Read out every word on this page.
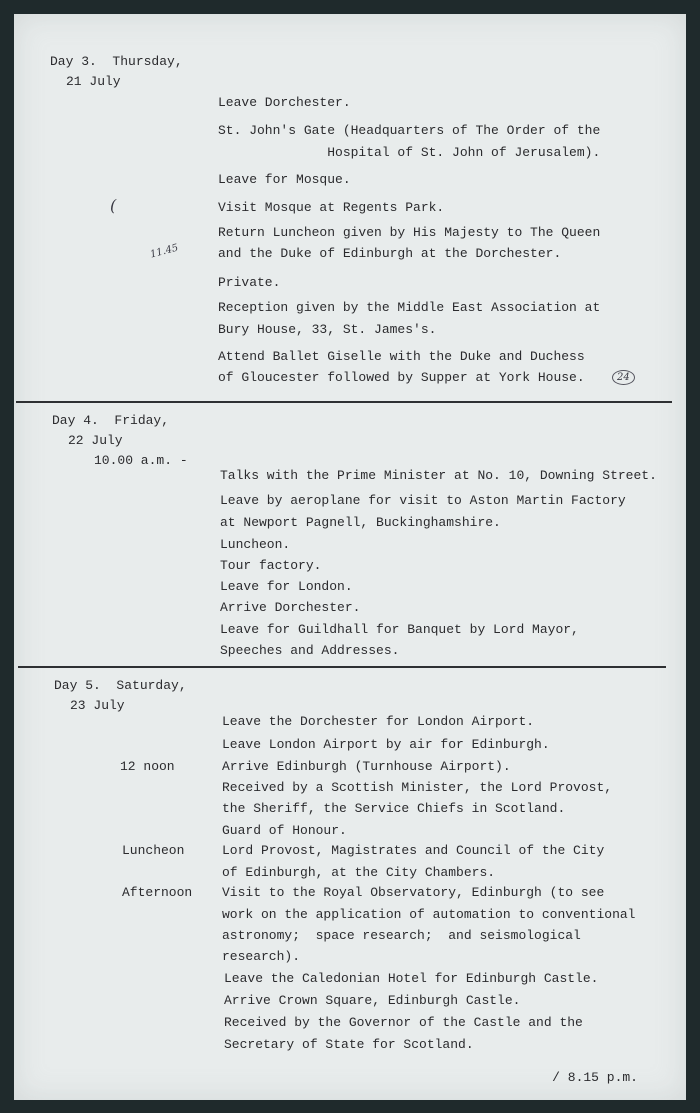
Day 3.  Thursday,
21 July
Leave Dorchester.
St. John's Gate (Headquarters of The Order of the
Hospital of St. John of Jerusalem).
Leave for Mosque.
Visit Mosque at Regents Park.
(
Return Luncheon given by His Majesty to The Queen
and the Duke of Edinburgh at the Dorchester.
11.45
Private.
Reception given by the Middle East Association at
Bury House, 33, St. James's.
Attend Ballet Giselle with the Duke and Duchess
of Gloucester followed by Supper at York House.	24
Day 4.  Friday,
22 July
10.00 a.m. -
Talks with the Prime Minister at No. 10, Downing Street.
Leave by aeroplane for visit to Aston Martin Factory
at Newport Pagnell, Buckinghamshire.
Luncheon.
Tour factory.
Leave for London.
Arrive Dorchester.
Leave for Guildhall for Banquet by Lord Mayor,
Speeches and Addresses.
Day 5.  Saturday,
23 July
Leave the Dorchester for London Airport.
Leave London Airport by air for Edinburgh.
12 noon	Arrive Edinburgh (Turnhouse Airport).
Received by a Scottish Minister, the Lord Provost,
the Sheriff, the Service Chiefs in Scotland.
Guard of Honour.
Luncheon	Lord Provost, Magistrates and Council of the City
of Edinburgh, at the City Chambers.
Afternoon Visit to the Royal Observatory, Edinburgh (to see
work on the application of automation to conventional
astronomy;  space research;  and seismological
research).
Leave the Caledonian Hotel for Edinburgh Castle.
Arrive Crown Square, Edinburgh Castle.
Received by the Governor of the Castle and the
Secretary of State for Scotland.
/ 8.15 p.m.
